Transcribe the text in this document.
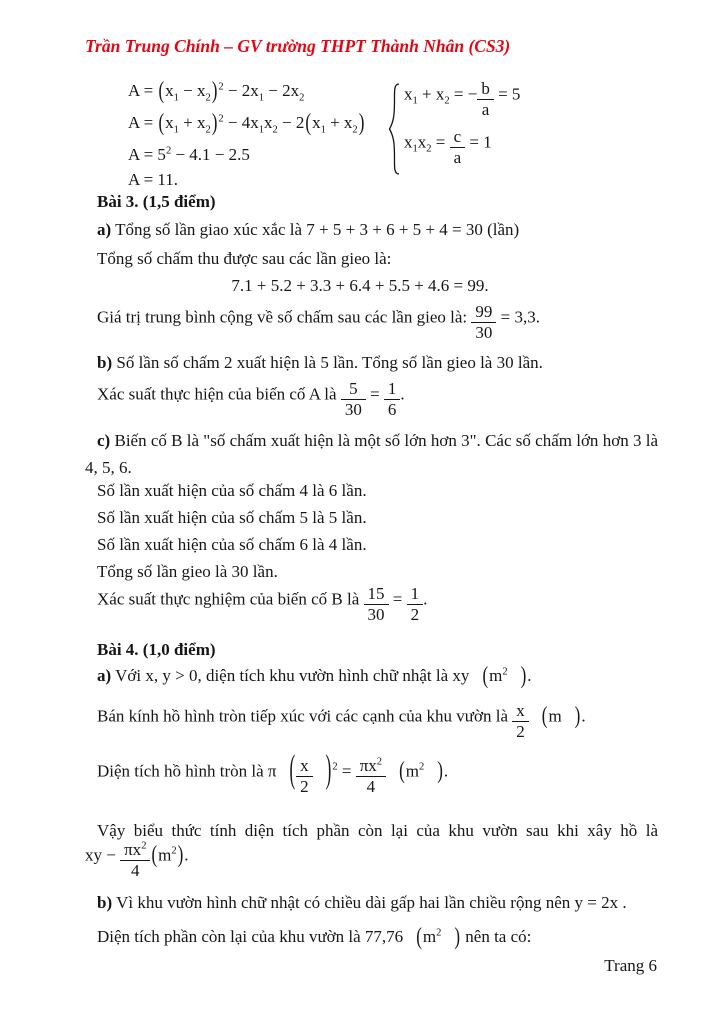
Trần Trung Chính – GV trường THPT Thành Nhân (CS3)
$A = (x_1 - x_2)^2 - 2x_1 - 2x_2$
$A = (x_1 + x_2)^2 - 4x_1x_2 - 2(x_1 + x_2)$
$A = 5^2 - 4.1 - 2.5$
A = 11.
$x_1 + x_2$ = − $\frac{b}{a} = 5$
$x_1x_2 = \frac{c}{a} = 1$

Bài 3. (1,5 điểm)

a) Tổng số lần giao xúc xắc là 7 + 5 + 3 + 6 + 5 + 4 = 30 (lần)

Tổng số chấm thu được sau các lần gieo là:

7.1 + 5.2 + 3.3 + 6.4 + 5.5 + 4.6 = 99.

Giá trị trung bình cộng về số chấm sau các lần gieo là: $\frac{99}{30} = 3,3$.

b) Số lần số chấm 2 xuất hiện là 5 lần. Tổng số lần gieo là 30 lần.

Xác suất thực hiện của biến cố A là $\frac{5}{30} = \frac{1}{6}$ .

c) Biến cố B là "số chấm xuất hiện là một số lớn hơn 3". Các số chấm lớn hơn 3 là 4, 5, 6.

Số lần xuất hiện của số chấm 4 là 6 lần.

Số lần xuất hiện của số chấm 5 là 5 lần.

Số lần xuất hiện của số chấm 6 là 4 lần.

Tổng số lần gieo là 30 lần.

Xác suất thực nghiệm của biến cố B là $\frac{15}{30} = \frac{1}{2}$ .

Bài 4. (1,0 điểm)

a) Với x, y > 0, diện tích khu vườn hình chữ nhật là xy ($m^2$ ).

Bán kính hồ hình tròn tiếp xúc với các cạnh của khu vườn là $\frac{x}{2} (m$ ).

Diện tích hồ hình tròn là π ( $\frac{x}{2} )^2 = \frac{\pi x^2}{4} (m^2$ ).

Vậy biểu thức tính diện tích phần còn lại của khu vườn sau khi xây hồ là

xy − $\frac{\pi x^2}{4} (m^2)$.

b) Vì khu vườn hình chữ nhật có chiều dài gấp hai lần chiều rộng nên y = 2x .

Diện tích phần còn lại của khu vườn là 77,76 ($m^2$ ) nên ta có:

Trang 6
